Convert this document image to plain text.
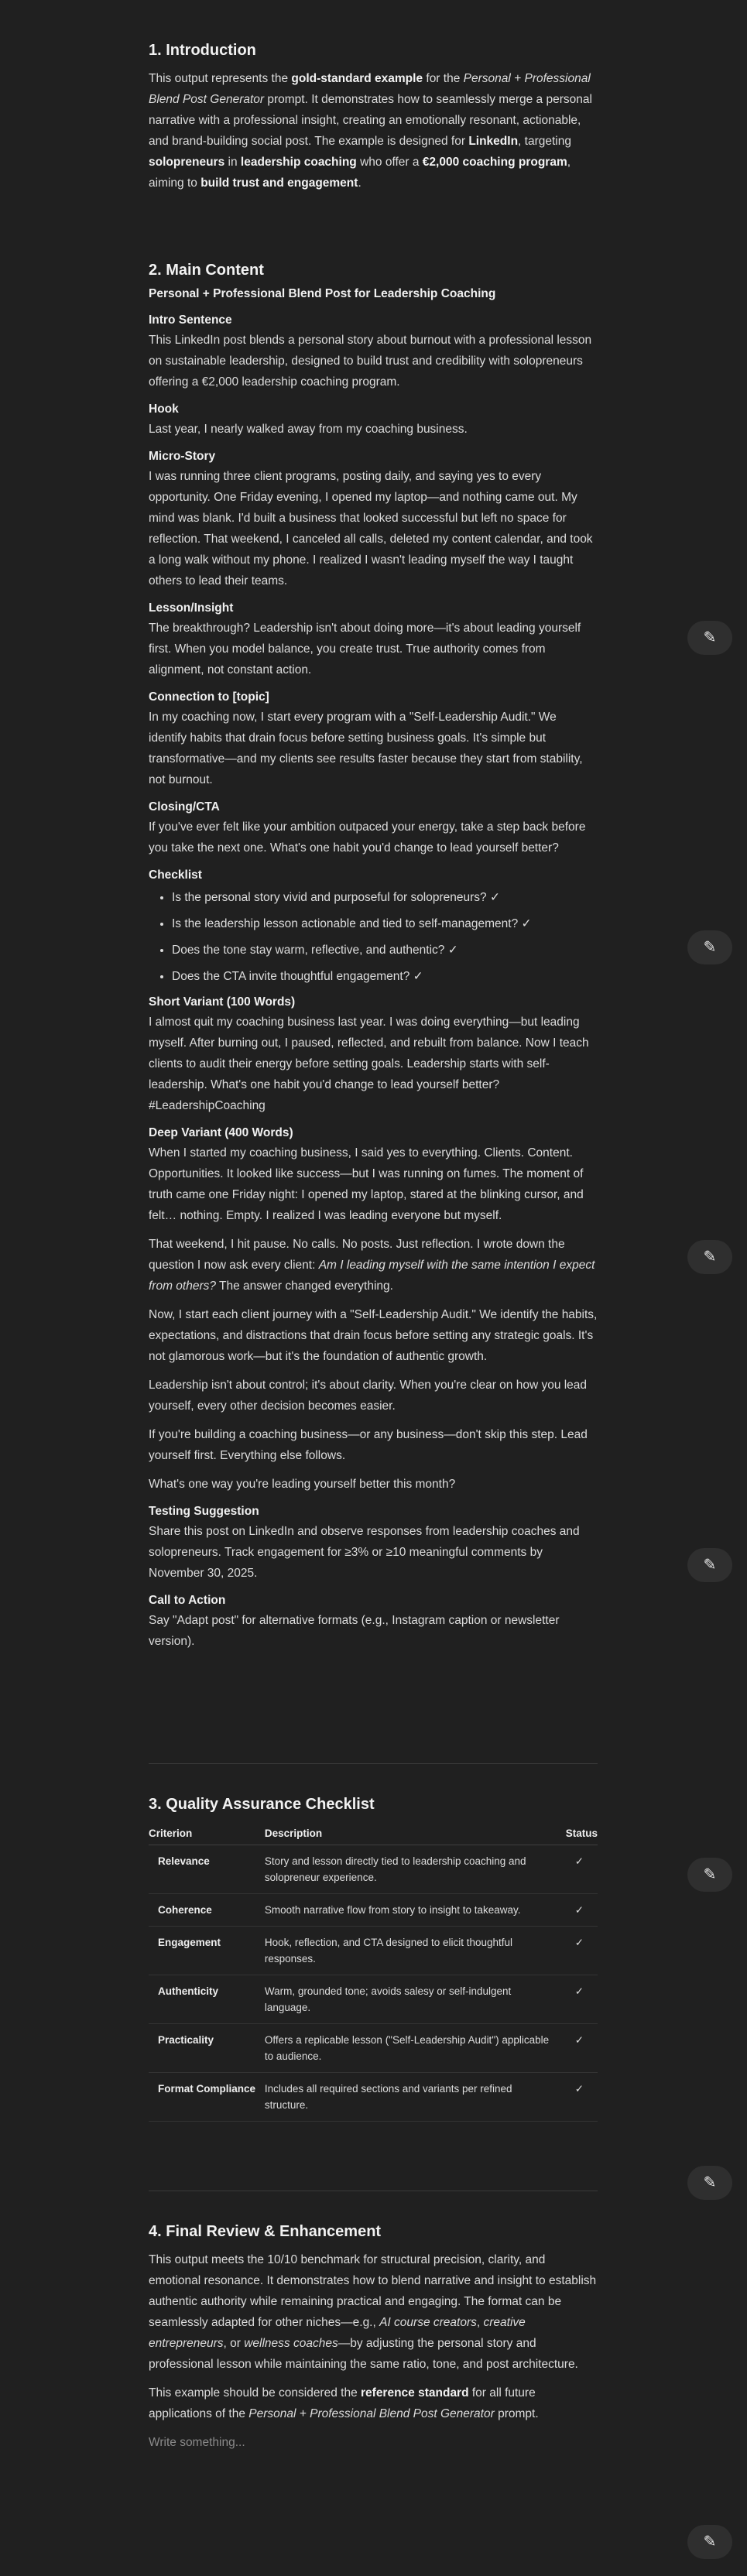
1. Introduction

This output represents the gold-standard example for the Personal + Professional Blend Post Generator prompt. It demonstrates how to seamlessly merge a personal narrative with a professional insight, creating an emotionally resonant, actionable, and brand-building social post. The example is designed for LinkedIn, targeting solopreneurs in leadership coaching who offer a €2,000 coaching program, aiming to build trust and engagement.

2. Main Content
Personal + Professional Blend Post for Leadership Coaching
Intro Sentence

This LinkedIn post blends a personal story about burnout with a professional lesson on sustainable leadership, designed to build trust and credibility with solopreneurs offering a €2,000 leadership coaching program.

Hook

Last year, I nearly walked away from my coaching business.

Micro-Story

I was running three client programs, posting daily, and saying yes to every opportunity. One Friday evening, I opened my laptop—and nothing came out. My mind was blank. I'd built a business that looked successful but left no space for reflection. That weekend, I canceled all calls, deleted my content calendar, and took a long walk without my phone. I realized I wasn't leading myself the way I taught others to lead their teams.

Lesson/Insight

The breakthrough? Leadership isn't about doing more—it's about leading yourself first. When you model balance, you create trust. True authority comes from alignment, not constant action.

Connection to [topic]

In my coaching now, I start every program with a "Self-Leadership Audit." We identify habits that drain focus before setting business goals. It's simple but transformative—and my clients see results faster because they start from stability, not burnout.

Closing/CTA

If you've ever felt like your ambition outpaced your energy, take a step back before you take the next one. What's one habit you'd change to lead yourself better?

Checklist
• Is the personal story vivid and purposeful for solopreneurs? ✓
• Is the leadership lesson actionable and tied to self-management? ✓
• Does the tone stay warm, reflective, and authentic? ✓
• Does the CTA invite thoughtful engagement? ✓
Short Variant (100 Words)

I almost quit my coaching business last year. I was doing everything—but leading myself. After burning out, I paused, reflected, and rebuilt from balance. Now I teach clients to audit their energy before setting goals. Leadership starts with self-leadership. What's one habit you'd change to lead yourself better? #LeadershipCoaching

Deep Variant (400 Words)

When I started my coaching business, I said yes to everything. Clients. Content. Opportunities. It looked like success—but I was running on fumes. The moment of truth came one Friday night: I opened my laptop, stared at the blinking cursor, and felt… nothing. Empty. I realized I was leading everyone but myself.

That weekend, I hit pause. No calls. No posts. Just reflection. I wrote down the question I now ask every client: Am I leading myself with the same intention I expect from others? The answer changed everything.

Now, I start each client journey with a "Self-Leadership Audit." We identify the habits, expectations, and distractions that drain focus before setting any strategic goals. It's not glamorous work—but it's the foundation of authentic growth.

Leadership isn't about control; it's about clarity. When you're clear on how you lead yourself, every other decision becomes easier.

If you're building a coaching business—or any business—don't skip this step. Lead yourself first. Everything else follows.

What's one way you're leading yourself better this month?

Testing Suggestion

Share this post on LinkedIn and observe responses from leadership coaches and solopreneurs. Track engagement for ≥3% or ≥10 meaningful comments by November 30, 2025.

Call to Action

Say "Adapt post" for alternative formats (e.g., Instagram caption or newsletter version).

3. Quality Assurance Checklist
Criterion	Description	Status
Relevance	Story and lesson directly tied to leadership coaching and solopreneur experience.	✓
Coherence	Smooth narrative flow from story to insight to takeaway.	✓
Engagement	Hook, reflection, and CTA designed to elicit thoughtful responses.	✓
Authenticity	Warm, grounded tone; avoids salesy or self-indulgent language.	✓
Practicality	Offers a replicable lesson ("Self-Leadership Audit") applicable to audience.	✓
Format Compliance	Includes all required sections and variants per refined structure.	✓
4. Final Review & Enhancement

This output meets the 10/10 benchmark for structural precision, clarity, and emotional resonance. It demonstrates how to blend narrative and insight to establish authentic authority while remaining practical and engaging. The format can be seamlessly adapted for other niches—e.g., AI course creators, creative entrepreneurs, or wellness coaches—by adjusting the personal story and professional lesson while maintaining the same ratio, tone, and post architecture.

This example should be considered the reference standard for all future applications of the Personal + Professional Blend Post Generator prompt.

Write something...

✎
✎
✎
✎
✎
✎
✎
